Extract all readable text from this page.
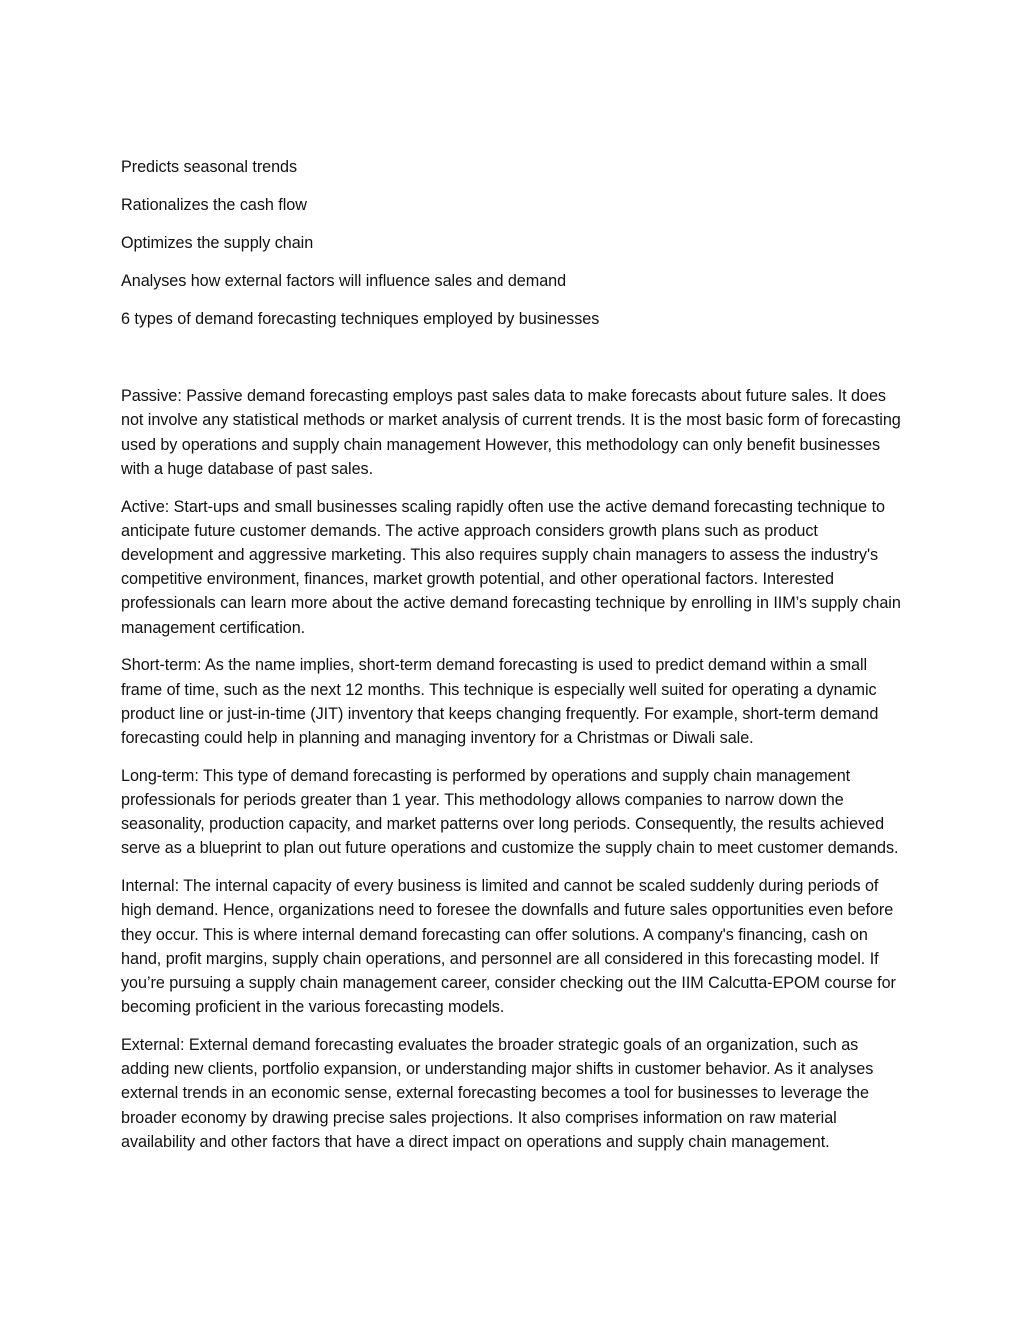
Predicts seasonal trends

Rationalizes the cash flow

Optimizes the supply chain

Analyses how external factors will influence sales and demand

6 types of demand forecasting techniques employed by businesses

Passive: Passive demand forecasting employs past sales data to make forecasts about future sales. It does not involve any statistical methods or market analysis of current trends. It is the most basic form of forecasting used by operations and supply chain management However, this methodology can only benefit businesses with a huge database of past sales.

Active: Start-ups and small businesses scaling rapidly often use the active demand forecasting technique to anticipate future customer demands. The active approach considers growth plans such as product development and aggressive marketing. This also requires supply chain managers to assess the industry's competitive environment, finances, market growth potential, and other operational factors. Interested professionals can learn more about the active demand forecasting technique by enrolling in IIM’s supply chain management certification.

Short-term: As the name implies, short-term demand forecasting is used to predict demand within a small frame of time, such as the next 12 months. This technique is especially well suited for operating a dynamic product line or just-in-time (JIT) inventory that keeps changing frequently. For example, short-term demand forecasting could help in planning and managing inventory for a Christmas or Diwali sale.

Long-term: This type of demand forecasting is performed by operations and supply chain management professionals for periods greater than 1 year. This methodology allows companies to narrow down the seasonality, production capacity, and market patterns over long periods. Consequently, the results achieved serve as a blueprint to plan out future operations and customize the supply chain to meet customer demands.

Internal: The internal capacity of every business is limited and cannot be scaled suddenly during periods of high demand. Hence, organizations need to foresee the downfalls and future sales opportunities even before they occur. This is where internal demand forecasting can offer solutions. A company's financing, cash on hand, profit margins, supply chain operations, and personnel are all considered in this forecasting model. If you’re pursuing a supply chain management career, consider checking out the IIM Calcutta-EPOM course for becoming proficient in the various forecasting models.

External: External demand forecasting evaluates the broader strategic goals of an organization, such as adding new clients, portfolio expansion, or understanding major shifts in customer behavior. As it analyses external trends in an economic sense, external forecasting becomes a tool for businesses to leverage the broader economy by drawing precise sales projections. It also comprises information on raw material availability and other factors that have a direct impact on operations and supply chain management.
